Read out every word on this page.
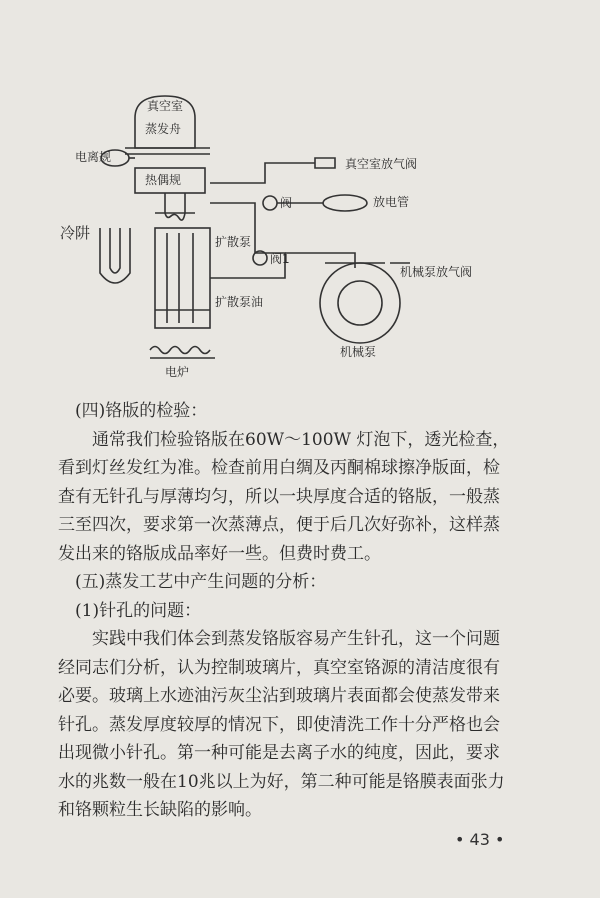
真空室
蒸发舟
电离规
热偶规
冷阱
阀
阀1
真空室放气阀
放电管
扩散泵
扩散泵油
机械泵放气阀
机械泵
电炉
(四)铬版的检验：
通常我们检验铬版在60W～100W 灯泡下，透光检查，
看到灯丝发红为准。检查前用白绸及丙酮棉球擦净版面，检
查有无针孔与厚薄均匀，所以一块厚度合适的铬版，一般蒸
三至四次，要求第一次蒸薄点，便于后几次好弥补，这样蒸
发出来的铬版成品率好一些。但费时费工。
(五)蒸发工艺中产生问题的分析：
(1)针孔的问题：
实践中我们体会到蒸发铬版容易产生针孔，这一个问题
经同志们分析，认为控制玻璃片，真空室铬源的清洁度很有
必要。玻璃上水迹油污灰尘沾到玻璃片表面都会使蒸发带来
针孔。蒸发厚度较厚的情况下，即使清洗工作十分严格也会
出现微小针孔。第一种可能是去离子水的纯度，因此，要求
水的兆数一般在10兆以上为好，第二种可能是铬膜表面张力
和铬颗粒生长缺陷的影响。
• 43 •
